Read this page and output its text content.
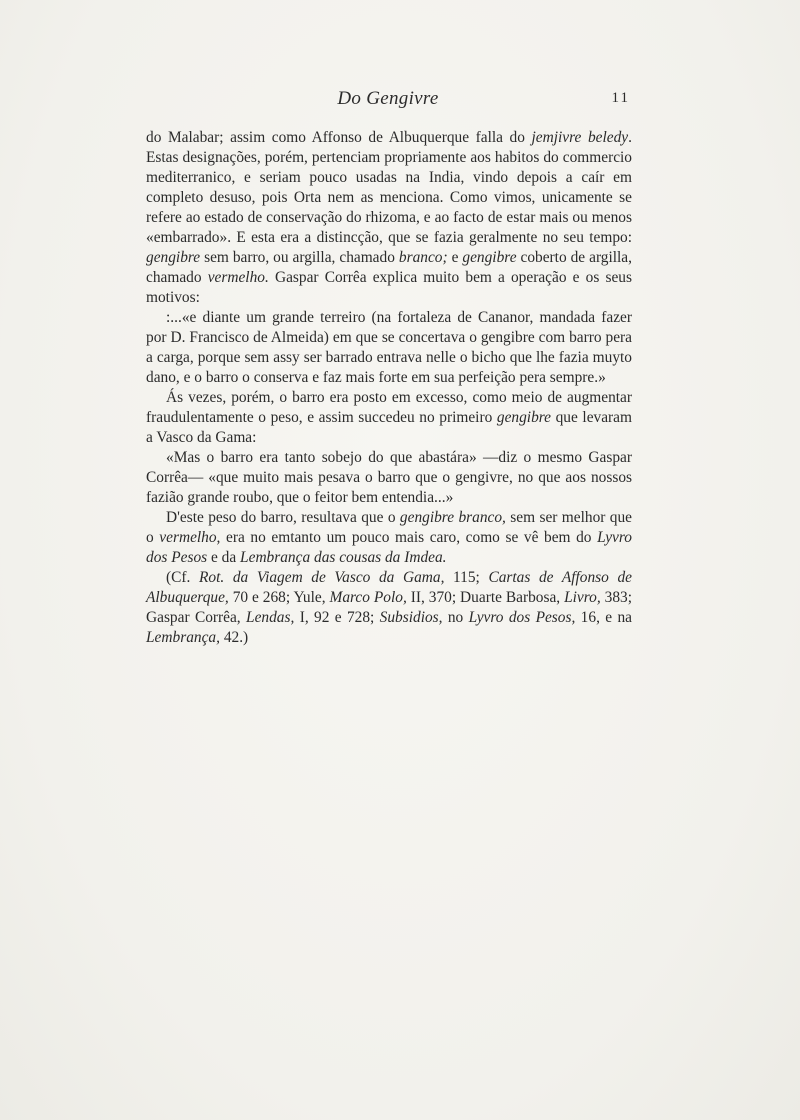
Do Gengivre	11

do Malabar; assim como Affonso de Albuquerque falla do jemjivre beledy. Estas designações, porém, pertenciam propriamente aos habitos do commercio mediterranico, e seriam pouco usadas na India, vindo depois a caír em completo desuso, pois Orta nem as menciona. Como vimos, unicamente se refere ao estado de conservação do rhizoma, e ao facto de estar mais ou menos «embarrado». E esta era a distincção, que se fazia geralmente no seu tempo: gengibre sem barro, ou argilla, chamado branco; e gengibre coberto de argilla, chamado vermelho. Gaspar Corrêa explica muito bem a operação e os seus motivos:

:...«e diante um grande terreiro (na fortaleza de Cananor, mandada fazer por D. Francisco de Almeida) em que se concertava o gengibre com barro pera a carga, porque sem assy ser barrado entrava nelle o bicho que lhe fazia muyto dano, e o barro o conserva e faz mais forte em sua perfeição pera sempre.»

Ás vezes, porém, o barro era posto em excesso, como meio de augmentar fraudulentamente o peso, e assim succedeu no primeiro gengibre que levaram a Vasco da Gama:

«Mas o barro era tanto sobejo do que abastára» —diz o mesmo Gaspar Corrêa— «que muito mais pesava o barro que o gengivre, no que aos nossos fazião grande roubo, que o feitor bem entendia...»

D'este peso do barro, resultava que o gengibre branco, sem ser melhor que o vermelho, era no emtanto um pouco mais caro, como se vê bem do Lyvro dos Pesos e da Lembrança das cousas da Imdea.

(Cf. Rot. da Viagem de Vasco da Gama, 115; Cartas de Affonso de Albuquerque, 70 e 268; Yule, Marco Polo, II, 370; Duarte Barbosa, Livro, 383; Gaspar Corrêa, Lendas, I, 92 e 728; Subsidios, no Lyvro dos Pesos, 16, e na Lembrança, 42.)
